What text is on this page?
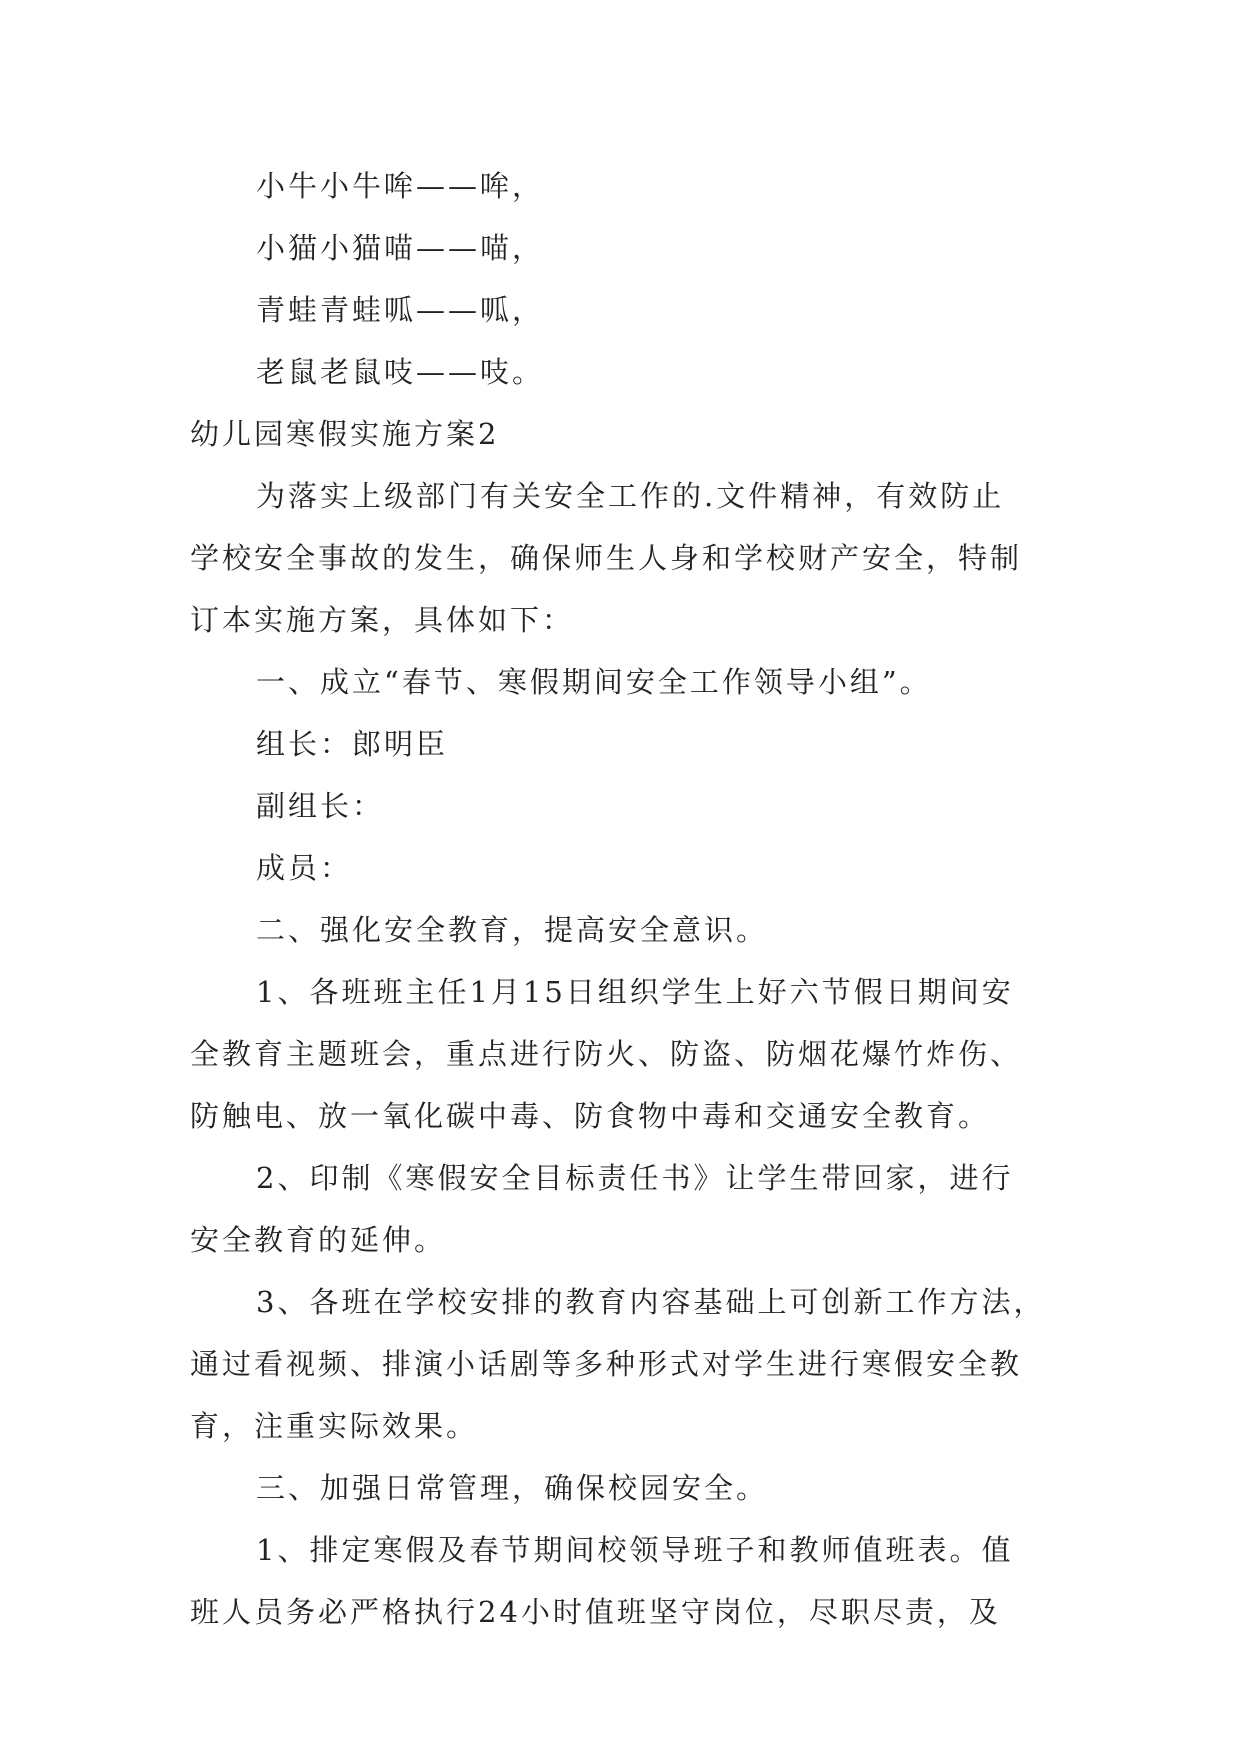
小牛小牛哞——哞，
小猫小猫喵——喵，
青蛙青蛙呱——呱，
老鼠老鼠吱——吱。
幼儿园寒假实施方案2
为落实上级部门有关安全工作的.文件精神，有效防止
学校安全事故的发生，确保师生人身和学校财产安全，特制
订本实施方案，具体如下：
一、成立“春节、寒假期间安全工作领导小组”。
组长：郎明臣
副组长：
成员：
二、强化安全教育，提高安全意识。
1、各班班主任1月15日组织学生上好六节假日期间安
全教育主题班会，重点进行防火、防盗、防烟花爆竹炸伤、
防触电、放一氧化碳中毒、防食物中毒和交通安全教育。
2、印制《寒假安全目标责任书》让学生带回家，进行
安全教育的延伸。
3、各班在学校安排的教育内容基础上可创新工作方法，
通过看视频、排演小话剧等多种形式对学生进行寒假安全教
育，注重实际效果。
三、加强日常管理，确保校园安全。
1、排定寒假及春节期间校领导班子和教师值班表。值
班人员务必严格执行24小时值班坚守岗位，尽职尽责，及
